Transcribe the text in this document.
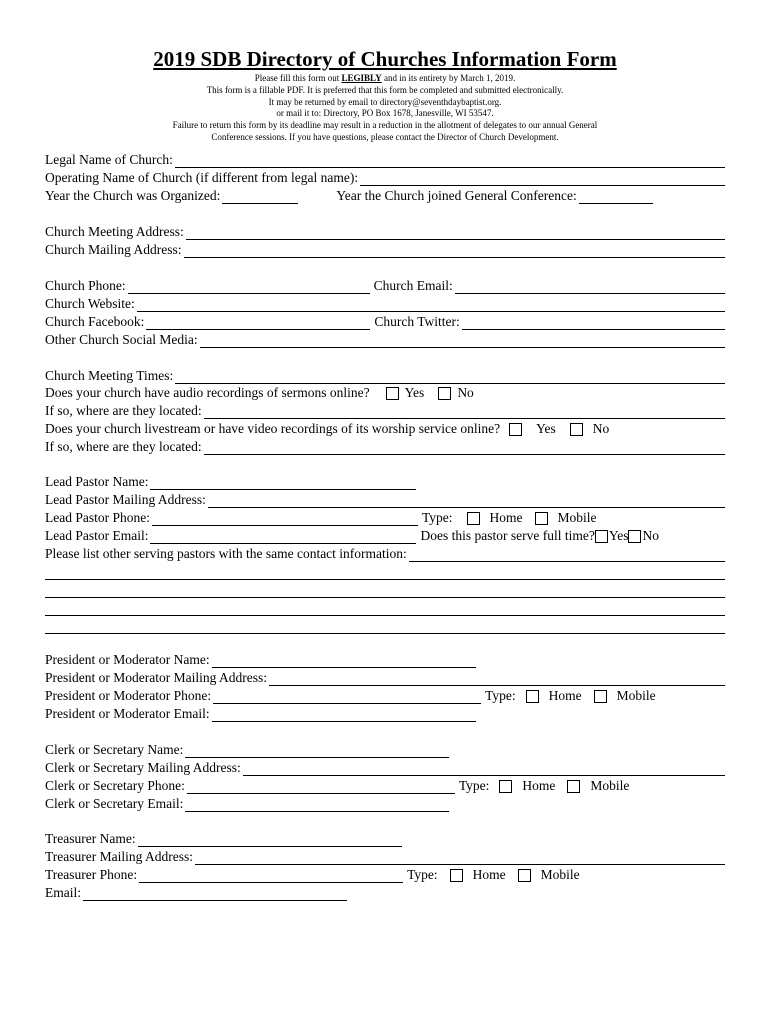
2019 SDB Directory of Churches Information Form
Please fill this form out LEGIBLY and in its entirety by March 1, 2019.
This form is a fillable PDF. It is preferred that this form be completed and submitted electronically.
It may be returned by email to directory@seventhdaybaptist.org.
or mail it to: Directory, PO Box 1678, Janesville, WI 53547.
Failure to return this form by its deadline may result in a reduction in the allotment of delegates to our annual General
Conference sessions. If you have questions, please contact the Director of Church Development.
Legal Name of Church:
Operating Name of Church (if different from legal name):
Year the Church was Organized:	Year the Church joined General Conference:
Church Meeting Address:
Church Mailing Address:
Church Phone:	Church Email:
Church Website:
Church Facebook:	Church Twitter:
Other Church Social Media:
Church Meeting Times:
Does your church have audio recordings of sermons online?	Yes No
If so, where are they located:
Does your church livestream or have video recordings of its worship service online?	Yes	No
If so, where are they located:
Lead Pastor Name:
Lead Pastor Mailing Address:
Lead Pastor Phone:	Type:	Home	Mobile
Lead Pastor Email:	Does this pastor serve full time? Yes No
Please list other serving pastors with the same contact information:
President or Moderator Name:
President or Moderator Mailing Address:
President or Moderator Phone:	Type: Home	Mobile
President or Moderator Email:
Clerk or Secretary Name:
Clerk or Secretary Mailing Address:
Clerk or Secretary Phone:	Type: Home	Mobile
Clerk or Secretary Email:
Treasurer Name:
Treasurer Mailing Address:
Treasurer Phone:	Type:	Home	Mobile
Email:
